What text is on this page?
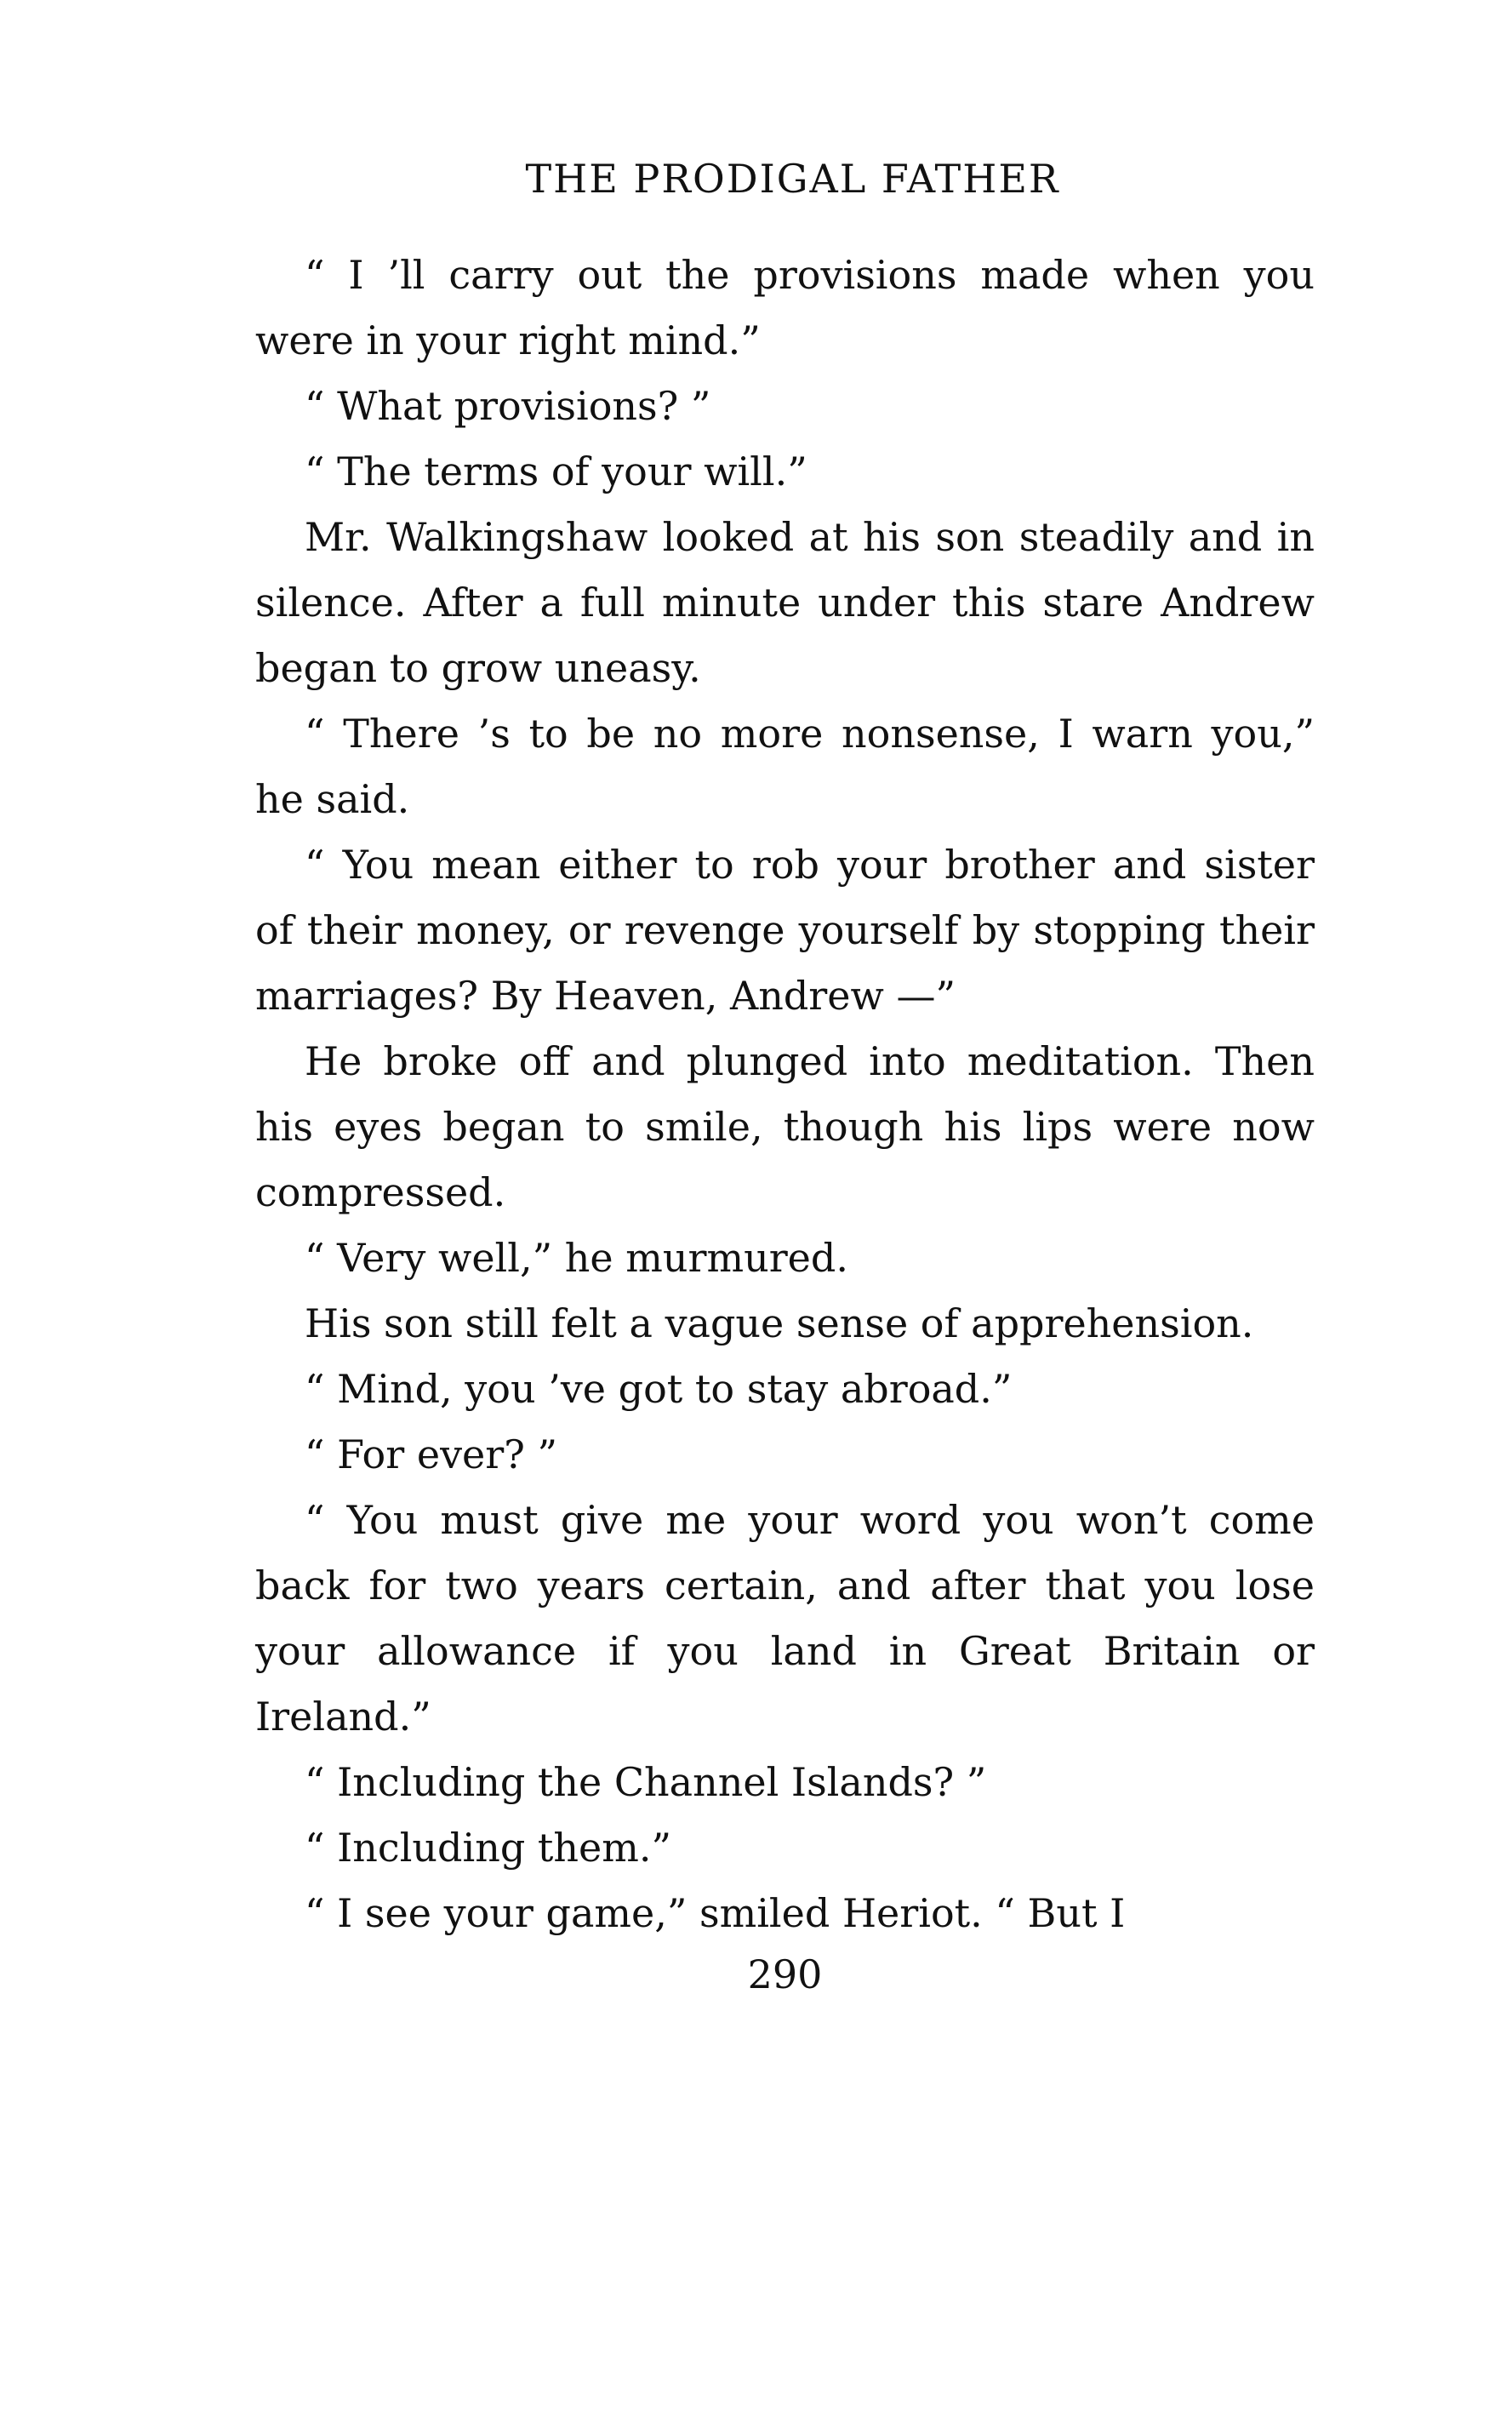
THE PRODIGAL FATHER

“ I ’ll carry out the provisions made when you were in your right mind.”

“ What provisions? ”

“ The terms of your will.”

Mr. Walkingshaw looked at his son steadily and in silence. After a full minute under this stare Andrew began to grow uneasy.

“ There ’s to be no more nonsense, I warn you,” he said.

“ You mean either to rob your brother and sister of their money, or revenge yourself by stopping their marriages? By Heaven, Andrew —”

He broke off and plunged into meditation. Then his eyes began to smile, though his lips were now compressed.

“ Very well,” he murmured.

His son still felt a vague sense of apprehension.

“ Mind, you ’ve got to stay abroad.”

“ For ever? ”

“ You must give me your word you won’t come back for two years certain, and after that you lose your allowance if you land in Great Britain or Ireland.”

“ Including the Channel Islands? ”

“ Including them.”

“ I see your game,” smiled Heriot. “ But I

290
